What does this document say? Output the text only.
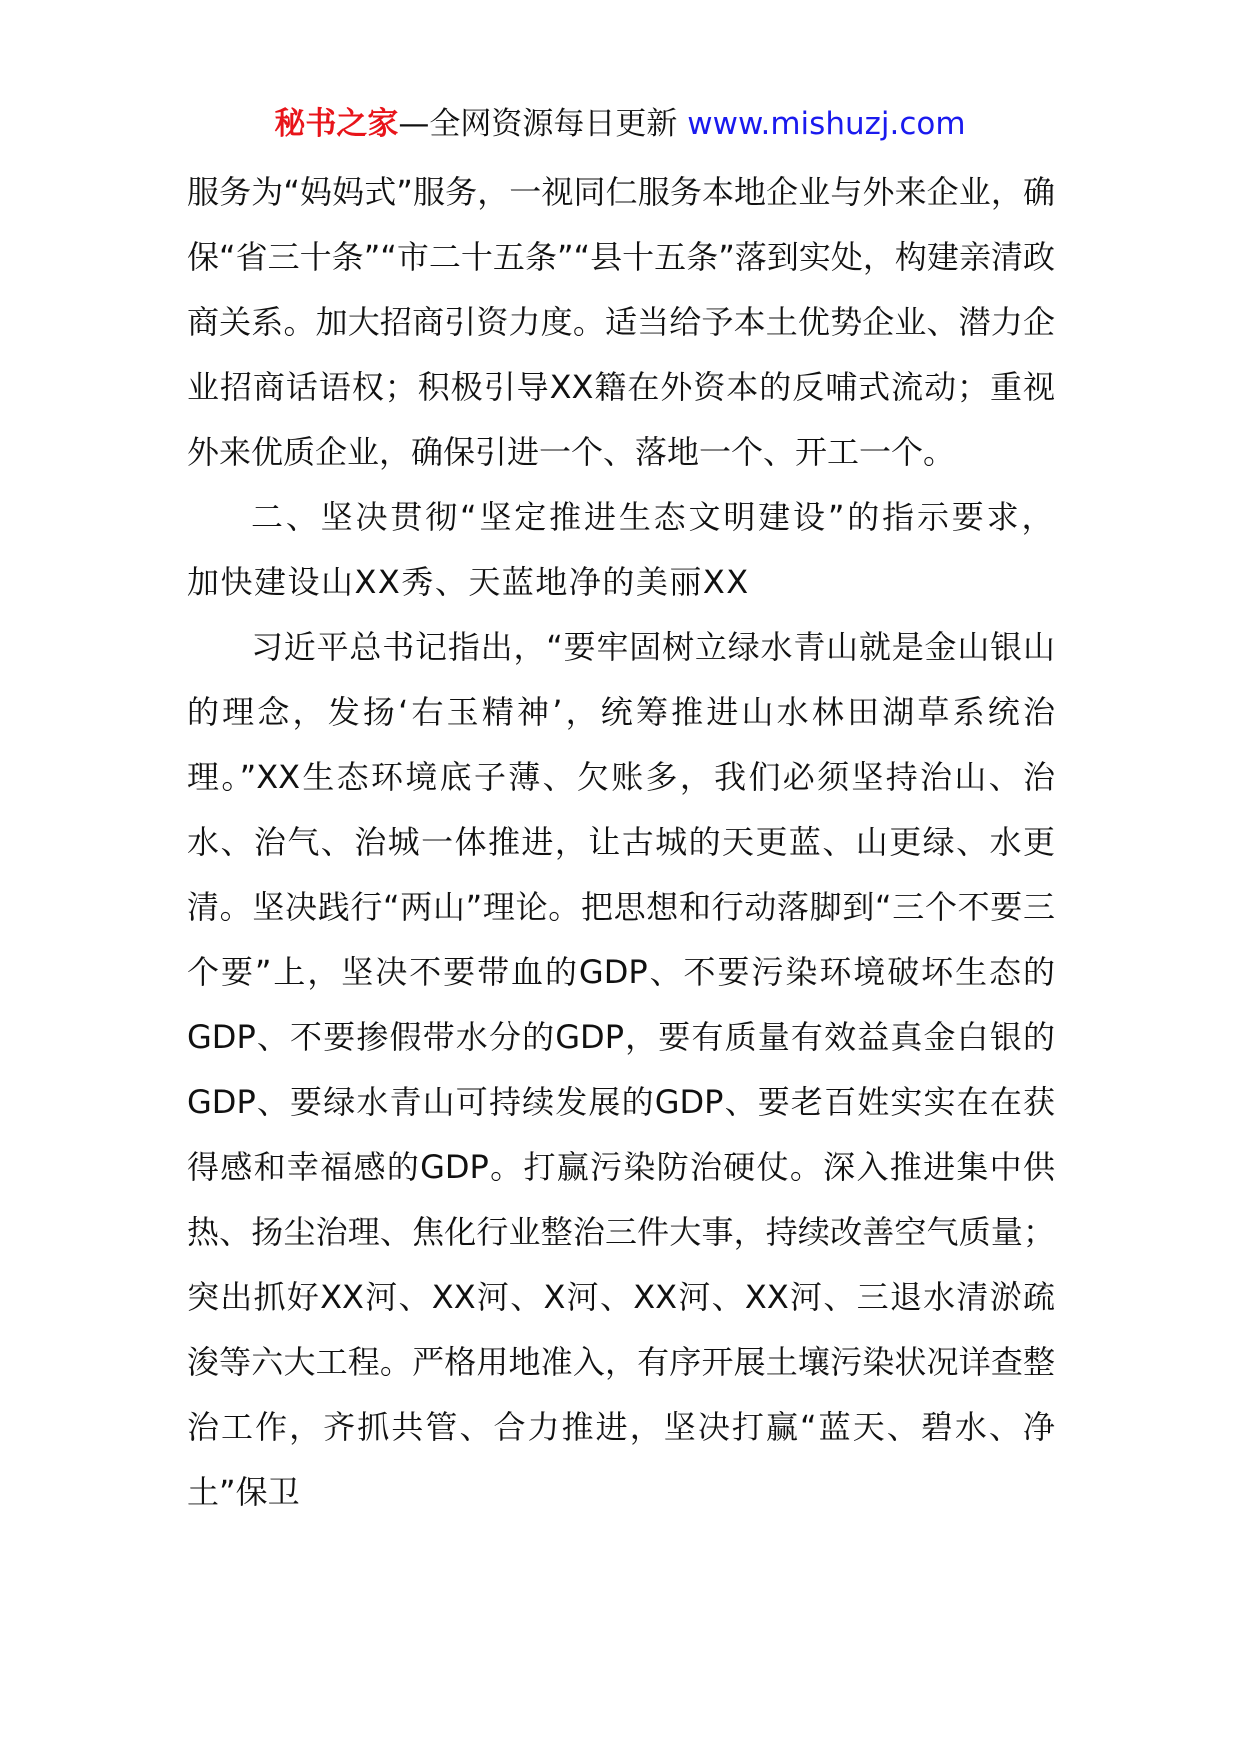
秘书之家—全网资源每日更新 www.mishuzj.com

服务为“妈妈式”服务，一视同仁服务本地企业与外来企业，确保“省三十条”“市二十五条”“县十五条”落到实处，构建亲清政商关系。加大招商引资力度。适当给予本土优势企业、潜力企业招商话语权；积极引导XX籍在外资本的反哺式流动；重视外来优质企业，确保引进一个、落地一个、开工一个。

二、坚决贯彻“坚定推进生态文明建设”的指示要求，加快建设山XX秀、天蓝地净的美丽XX

习近平总书记指出，“要牢固树立绿水青山就是金山银山的理念，发扬‘右玉精神’，统筹推进山水林田湖草系统治理。”XX生态环境底子薄、欠账多，我们必须坚持治山、治水、治气、治城一体推进，让古城的天更蓝、山更绿、水更清。坚决践行“两山”理论。把思想和行动落脚到“三个不要三个要”上，坚决不要带血的GDP、不要污染环境破坏生态的GDP、不要掺假带水分的GDP，要有质量有效益真金白银的GDP、要绿水青山可持续发展的GDP、要老百姓实实在在获得感和幸福感的GDP。打赢污染防治硬仗。深入推进集中供热、扬尘治理、焦化行业整治三件大事，持续改善空气质量；突出抓好XX河、XX河、X河、XX河、XX河、三退水清淤疏浚等六大工程。严格用地准入，有序开展土壤污染状况详查整治工作，齐抓共管、合力推进，坚决打赢“蓝天、碧水、净土”保卫
